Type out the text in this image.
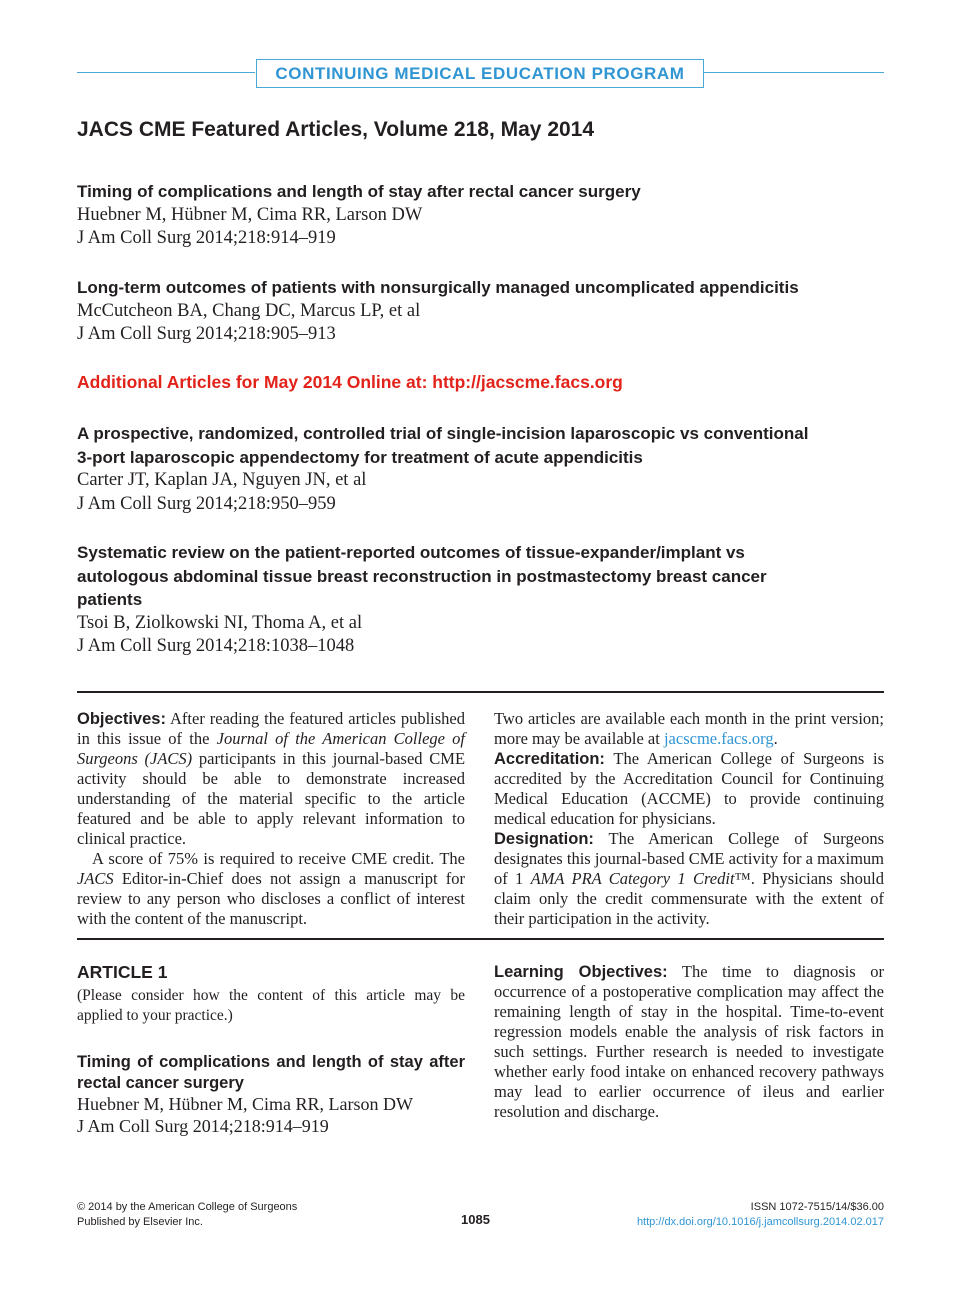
CONTINUING MEDICAL EDUCATION PROGRAM
JACS CME Featured Articles, Volume 218, May 2014
Timing of complications and length of stay after rectal cancer surgery
Huebner M, Hübner M, Cima RR, Larson DW
J Am Coll Surg 2014;218:914–919
Long-term outcomes of patients with nonsurgically managed uncomplicated appendicitis
McCutcheon BA, Chang DC, Marcus LP, et al
J Am Coll Surg 2014;218:905–913
Additional Articles for May 2014 Online at: http://jacscme.facs.org
A prospective, randomized, controlled trial of single-incision laparoscopic vs conventional
3-port laparoscopic appendectomy for treatment of acute appendicitis
Carter JT, Kaplan JA, Nguyen JN, et al
J Am Coll Surg 2014;218:950–959
Systematic review on the patient-reported outcomes of tissue-expander/implant vs
autologous abdominal tissue breast reconstruction in postmastectomy breast cancer
patients
Tsoi B, Ziolkowski NI, Thoma A, et al
J Am Coll Surg 2014;218:1038–1048

Objectives: After reading the featured articles published in this issue of the Journal of the American College of Surgeons (JACS) participants in this journal-based CME activity should be able to demonstrate increased understanding of the material specific to the article featured and be able to apply relevant information to clinical practice.

A score of 75% is required to receive CME credit. The JACS Editor-in-Chief does not assign a manuscript for review to any person who discloses a conflict of interest with the content of the manuscript.

Two articles are available each month in the print version; more may be available at jacscme.facs.org.

Accreditation: The American College of Surgeons is accredited by the Accreditation Council for Continuing Medical Education (ACCME) to provide continuing medical education for physicians.

Designation: The American College of Surgeons designates this journal-based CME activity for a maximum of 1 AMA PRA Category 1 Credit™. Physicians should claim only the credit commensurate with the extent of their participation in the activity.

ARTICLE 1

(Please consider how the content of this article may be applied to your practice.)

Timing of complications and length of stay after rectal cancer surgery
Huebner M, Hübner M, Cima RR, Larson DW
J Am Coll Surg 2014;218:914–919

Learning Objectives: The time to diagnosis or occurrence of a postoperative complication may affect the remaining length of stay in the hospital. Time-to-event regression models enable the analysis of risk factors in such settings. Further research is needed to investigate whether early food intake on enhanced recovery pathways may lead to earlier occurrence of ileus and earlier resolution and discharge.

© 2014 by the American College of Surgeons
Published by Elsevier Inc.	1085
ISSN 1072-7515/14/$36.00
http://dx.doi.org/10.1016/j.jamcollsurg.2014.02.017
